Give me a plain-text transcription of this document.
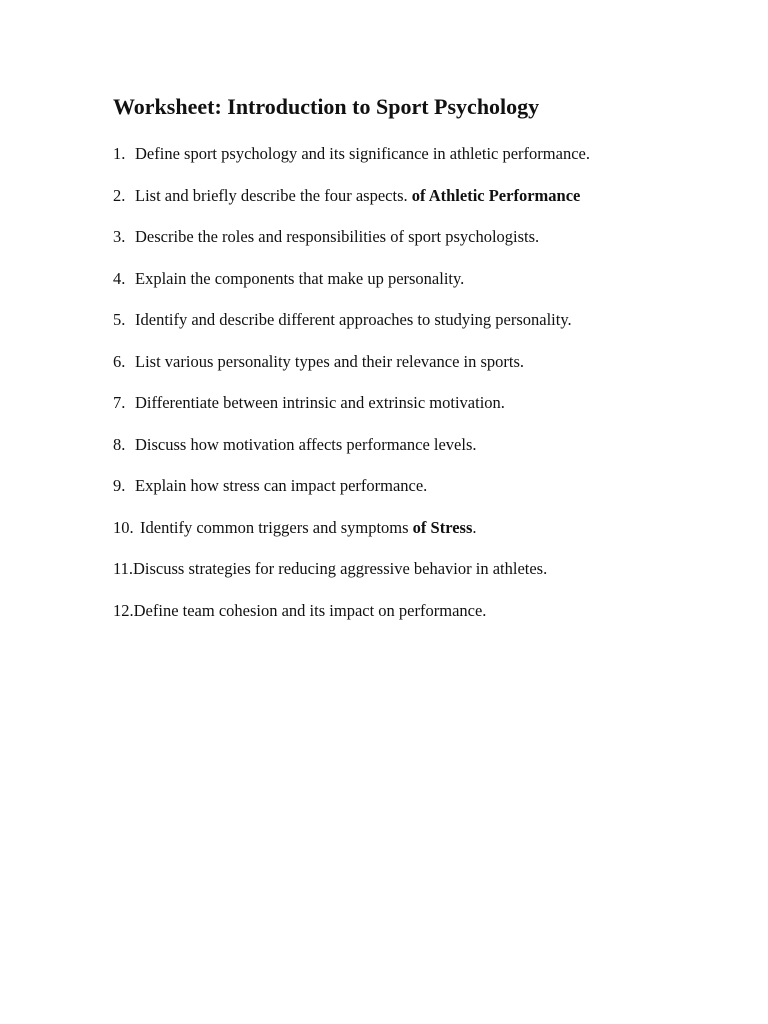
Worksheet: Introduction to Sport Psychology
1. Define sport psychology and its significance in athletic performance.
2. List and briefly describe the four aspects. of Athletic Performance
3. Describe the roles and responsibilities of sport psychologists.
4. Explain the components that make up personality.
5. Identify and describe different approaches to studying personality.
6. List various personality types and their relevance in sports.
7. Differentiate between intrinsic and extrinsic motivation.
8. Discuss how motivation affects performance levels.
9. Explain how stress can impact performance.
10. Identify common triggers and symptoms of Stress.
11. Discuss strategies for reducing aggressive behavior in athletes.
12. Define team cohesion and its impact on performance.
